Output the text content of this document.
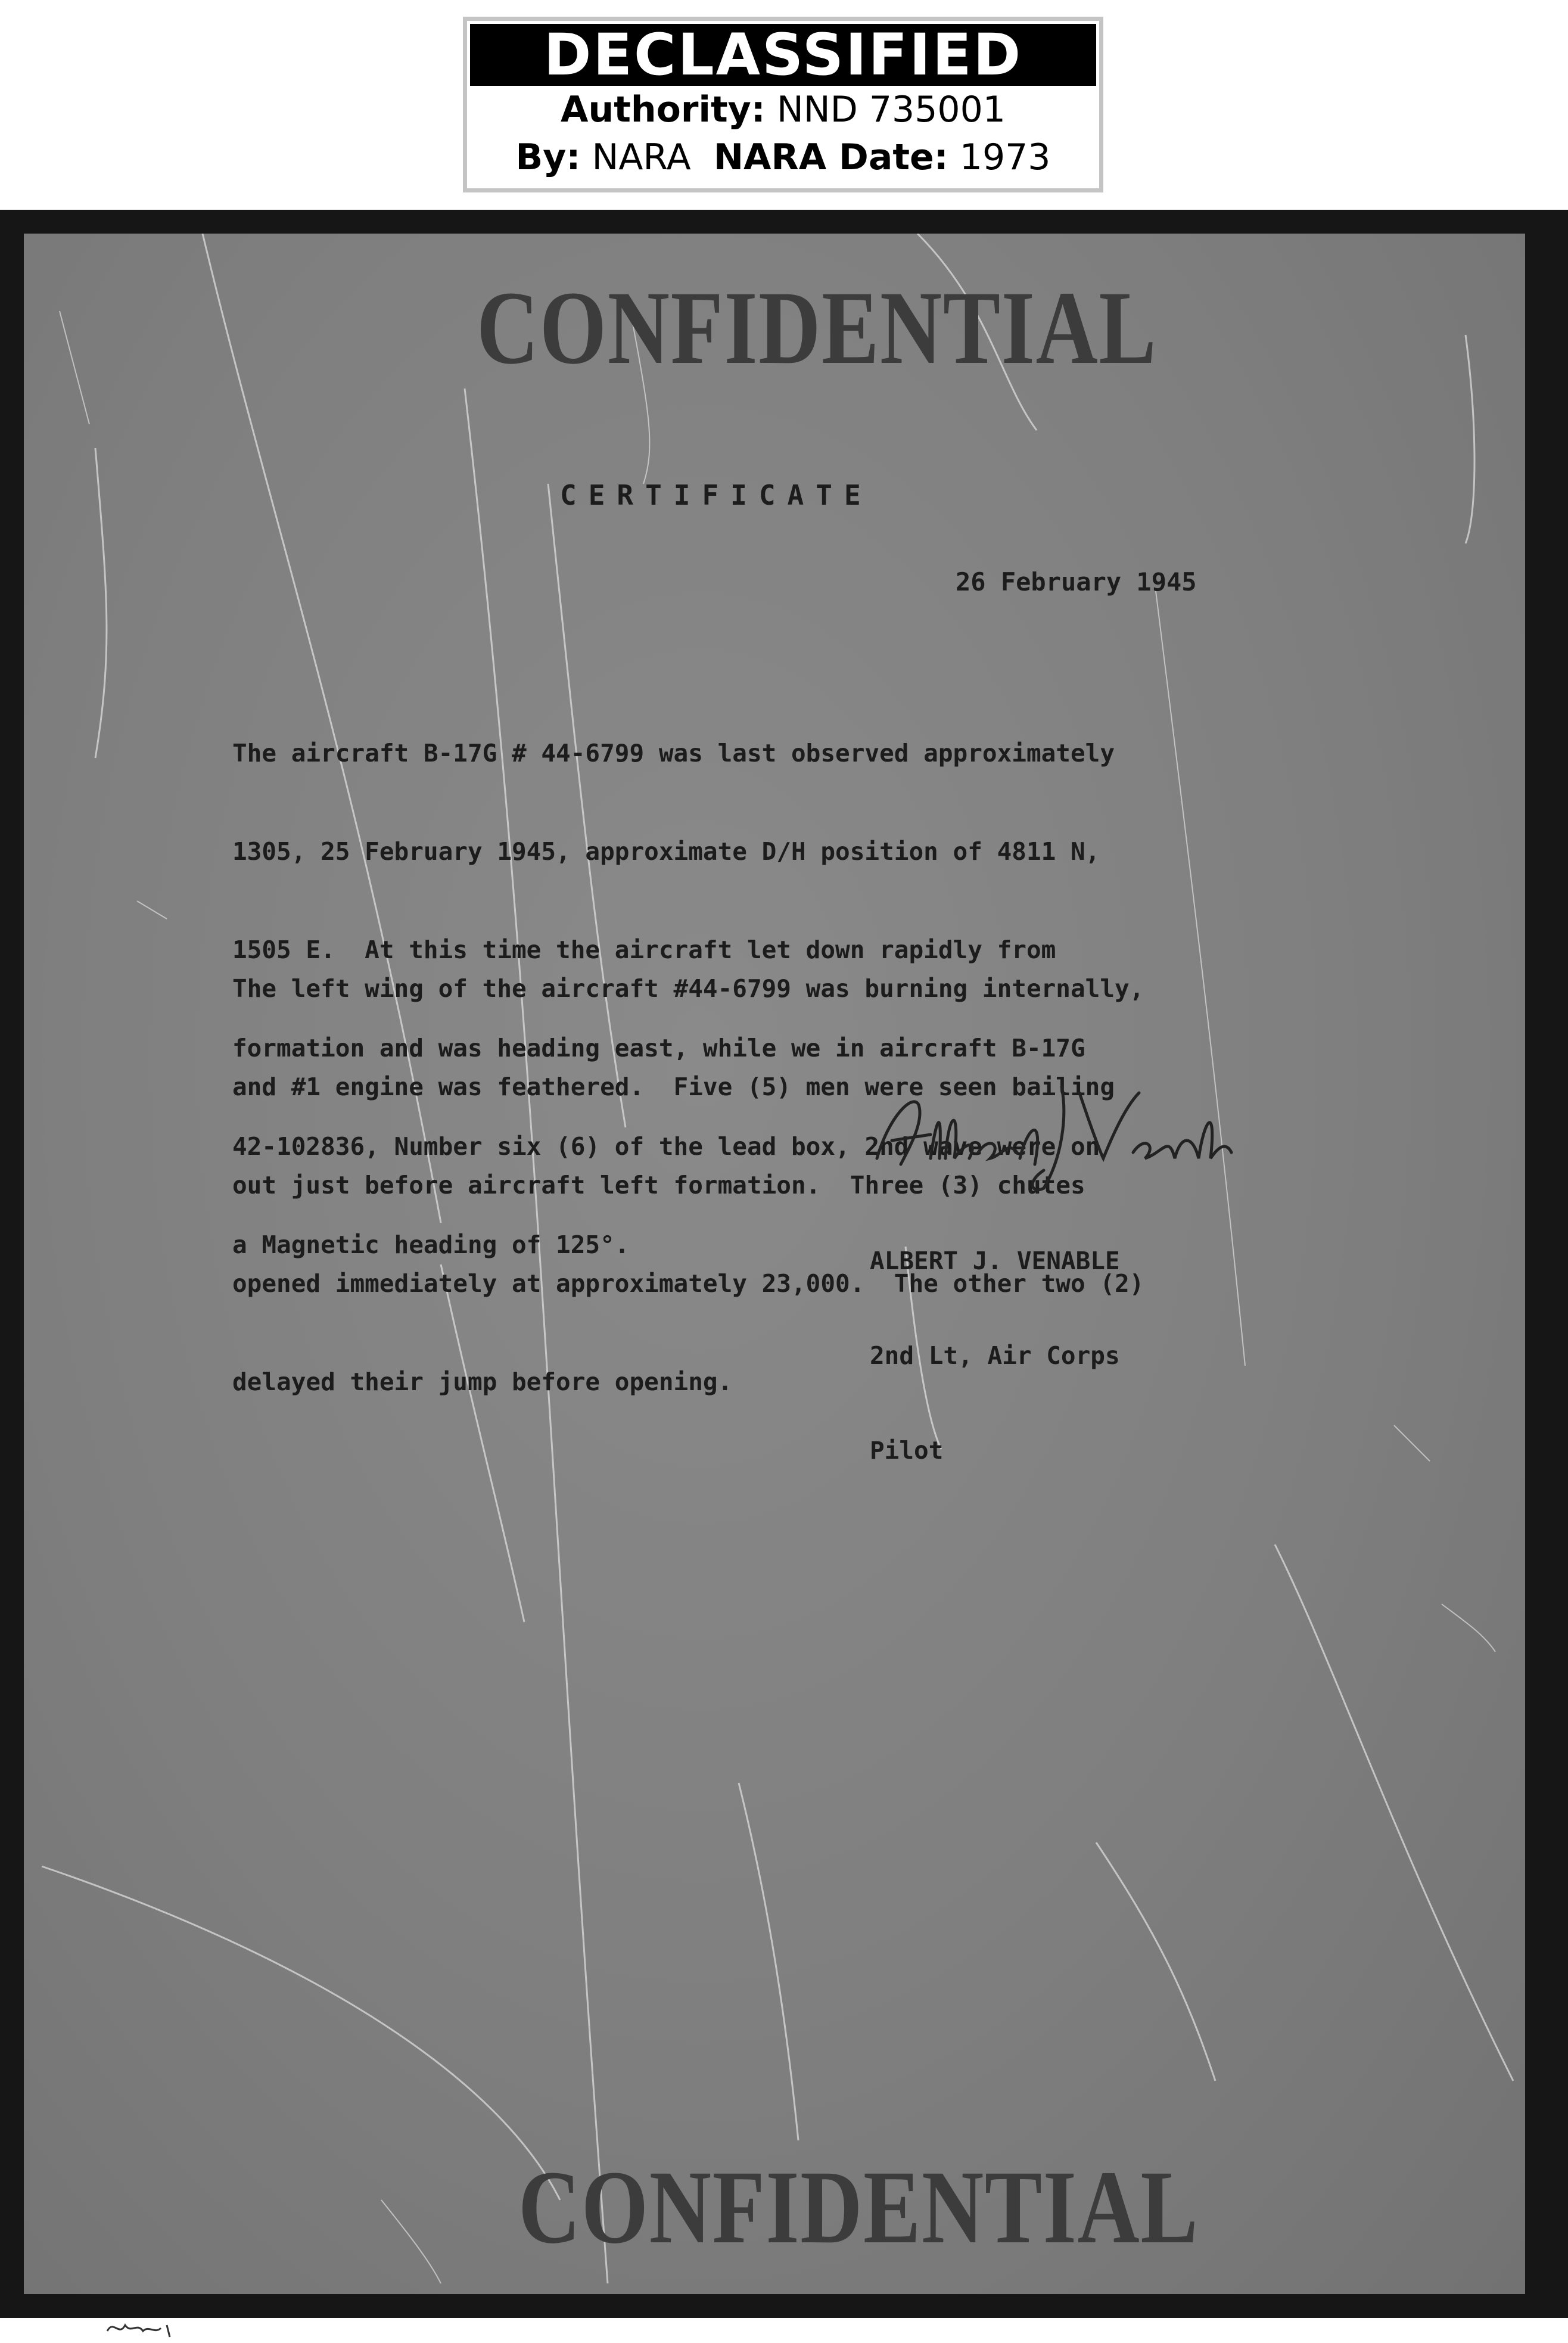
DECLASSIFIED
Authority: NND 735001
By: NARA NARA Date: 1973
CONFIDENTIAL
CERTIFICATE
26 February 1945

The aircraft B-17G # 44-6799 was last observed approximately

1305, 25 February 1945, approximate D/H position of 4811 N,

1505 E.  At this time the aircraft let down rapidly from

formation and was heading east, while we in aircraft B-17G

42-102836, Number six (6) of the lead box, 2nd wave were on

a Magnetic heading of 125°.

The left wing of the aircraft #44-6799 was burning internally,

and #1 engine was feathered.  Five (5) men were seen bailing

out just before aircraft left formation.  Three (3) chutes

opened immediately at approximately 23,000.  The other two (2)

delayed their jump before opening.

ALBERT J. VENABLE

2nd Lt, Air Corps

Pilot

CONFIDENTIAL
